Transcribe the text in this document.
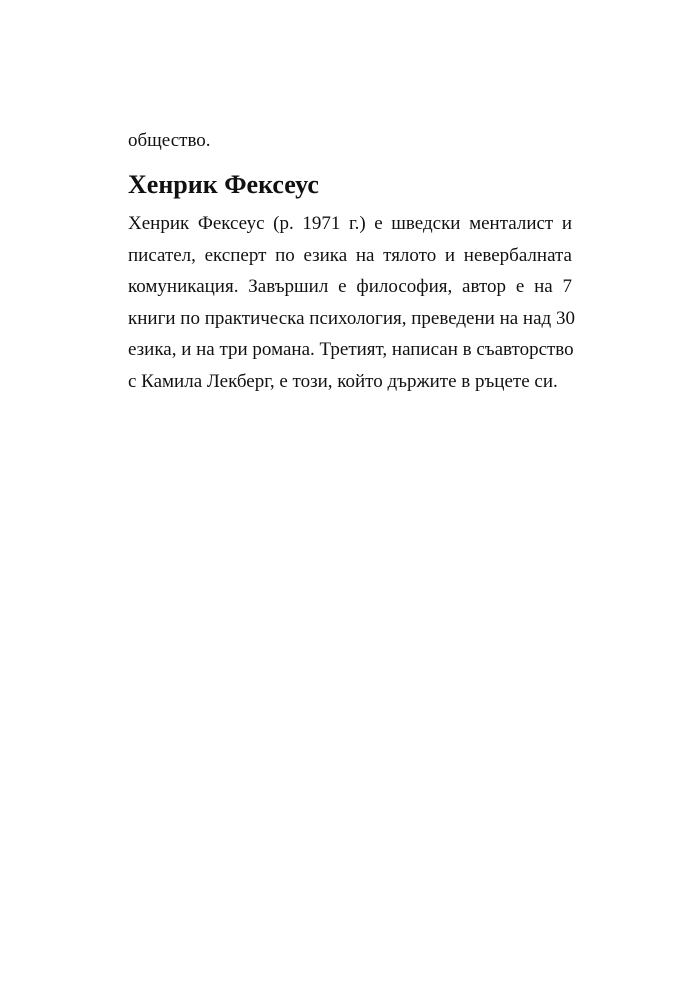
общество.

Хенрик Фексеус
Хенрик Фексеус (р. 1971 г.) е шведски менталист и
писател, експерт по езика на тялото и невербалната
комуникация. Завършил е философия, автор е на 7
книги по практическа психология, преведени на над 30
езика, и на три романа. Третият, написан в съавторство
с Камила Лекберг, е този, който държите в ръцете си.
